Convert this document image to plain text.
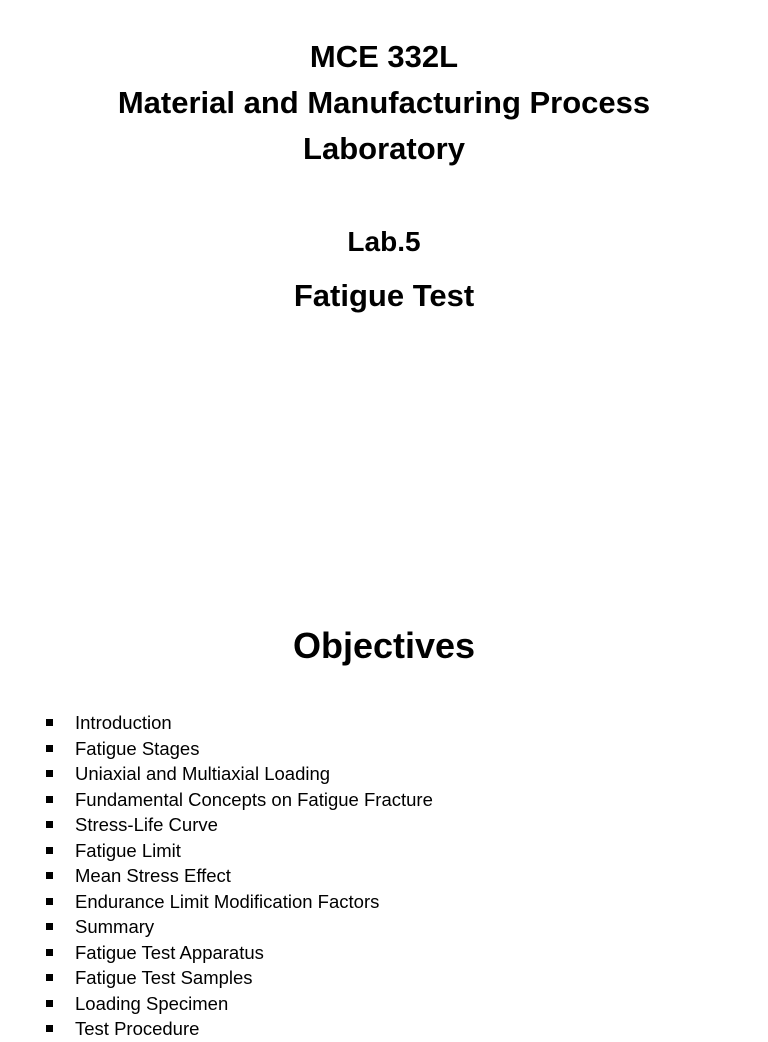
MCE 332L
Material and Manufacturing Process
Laboratory
Lab.5
Fatigue Test
Objectives
Introduction
Fatigue Stages
Uniaxial and Multiaxial Loading
Fundamental Concepts on Fatigue Fracture
Stress-Life Curve
Fatigue Limit
Mean Stress Effect
Endurance Limit Modification Factors
Summary
Fatigue Test Apparatus
Fatigue Test Samples
Loading Specimen
Test Procedure
